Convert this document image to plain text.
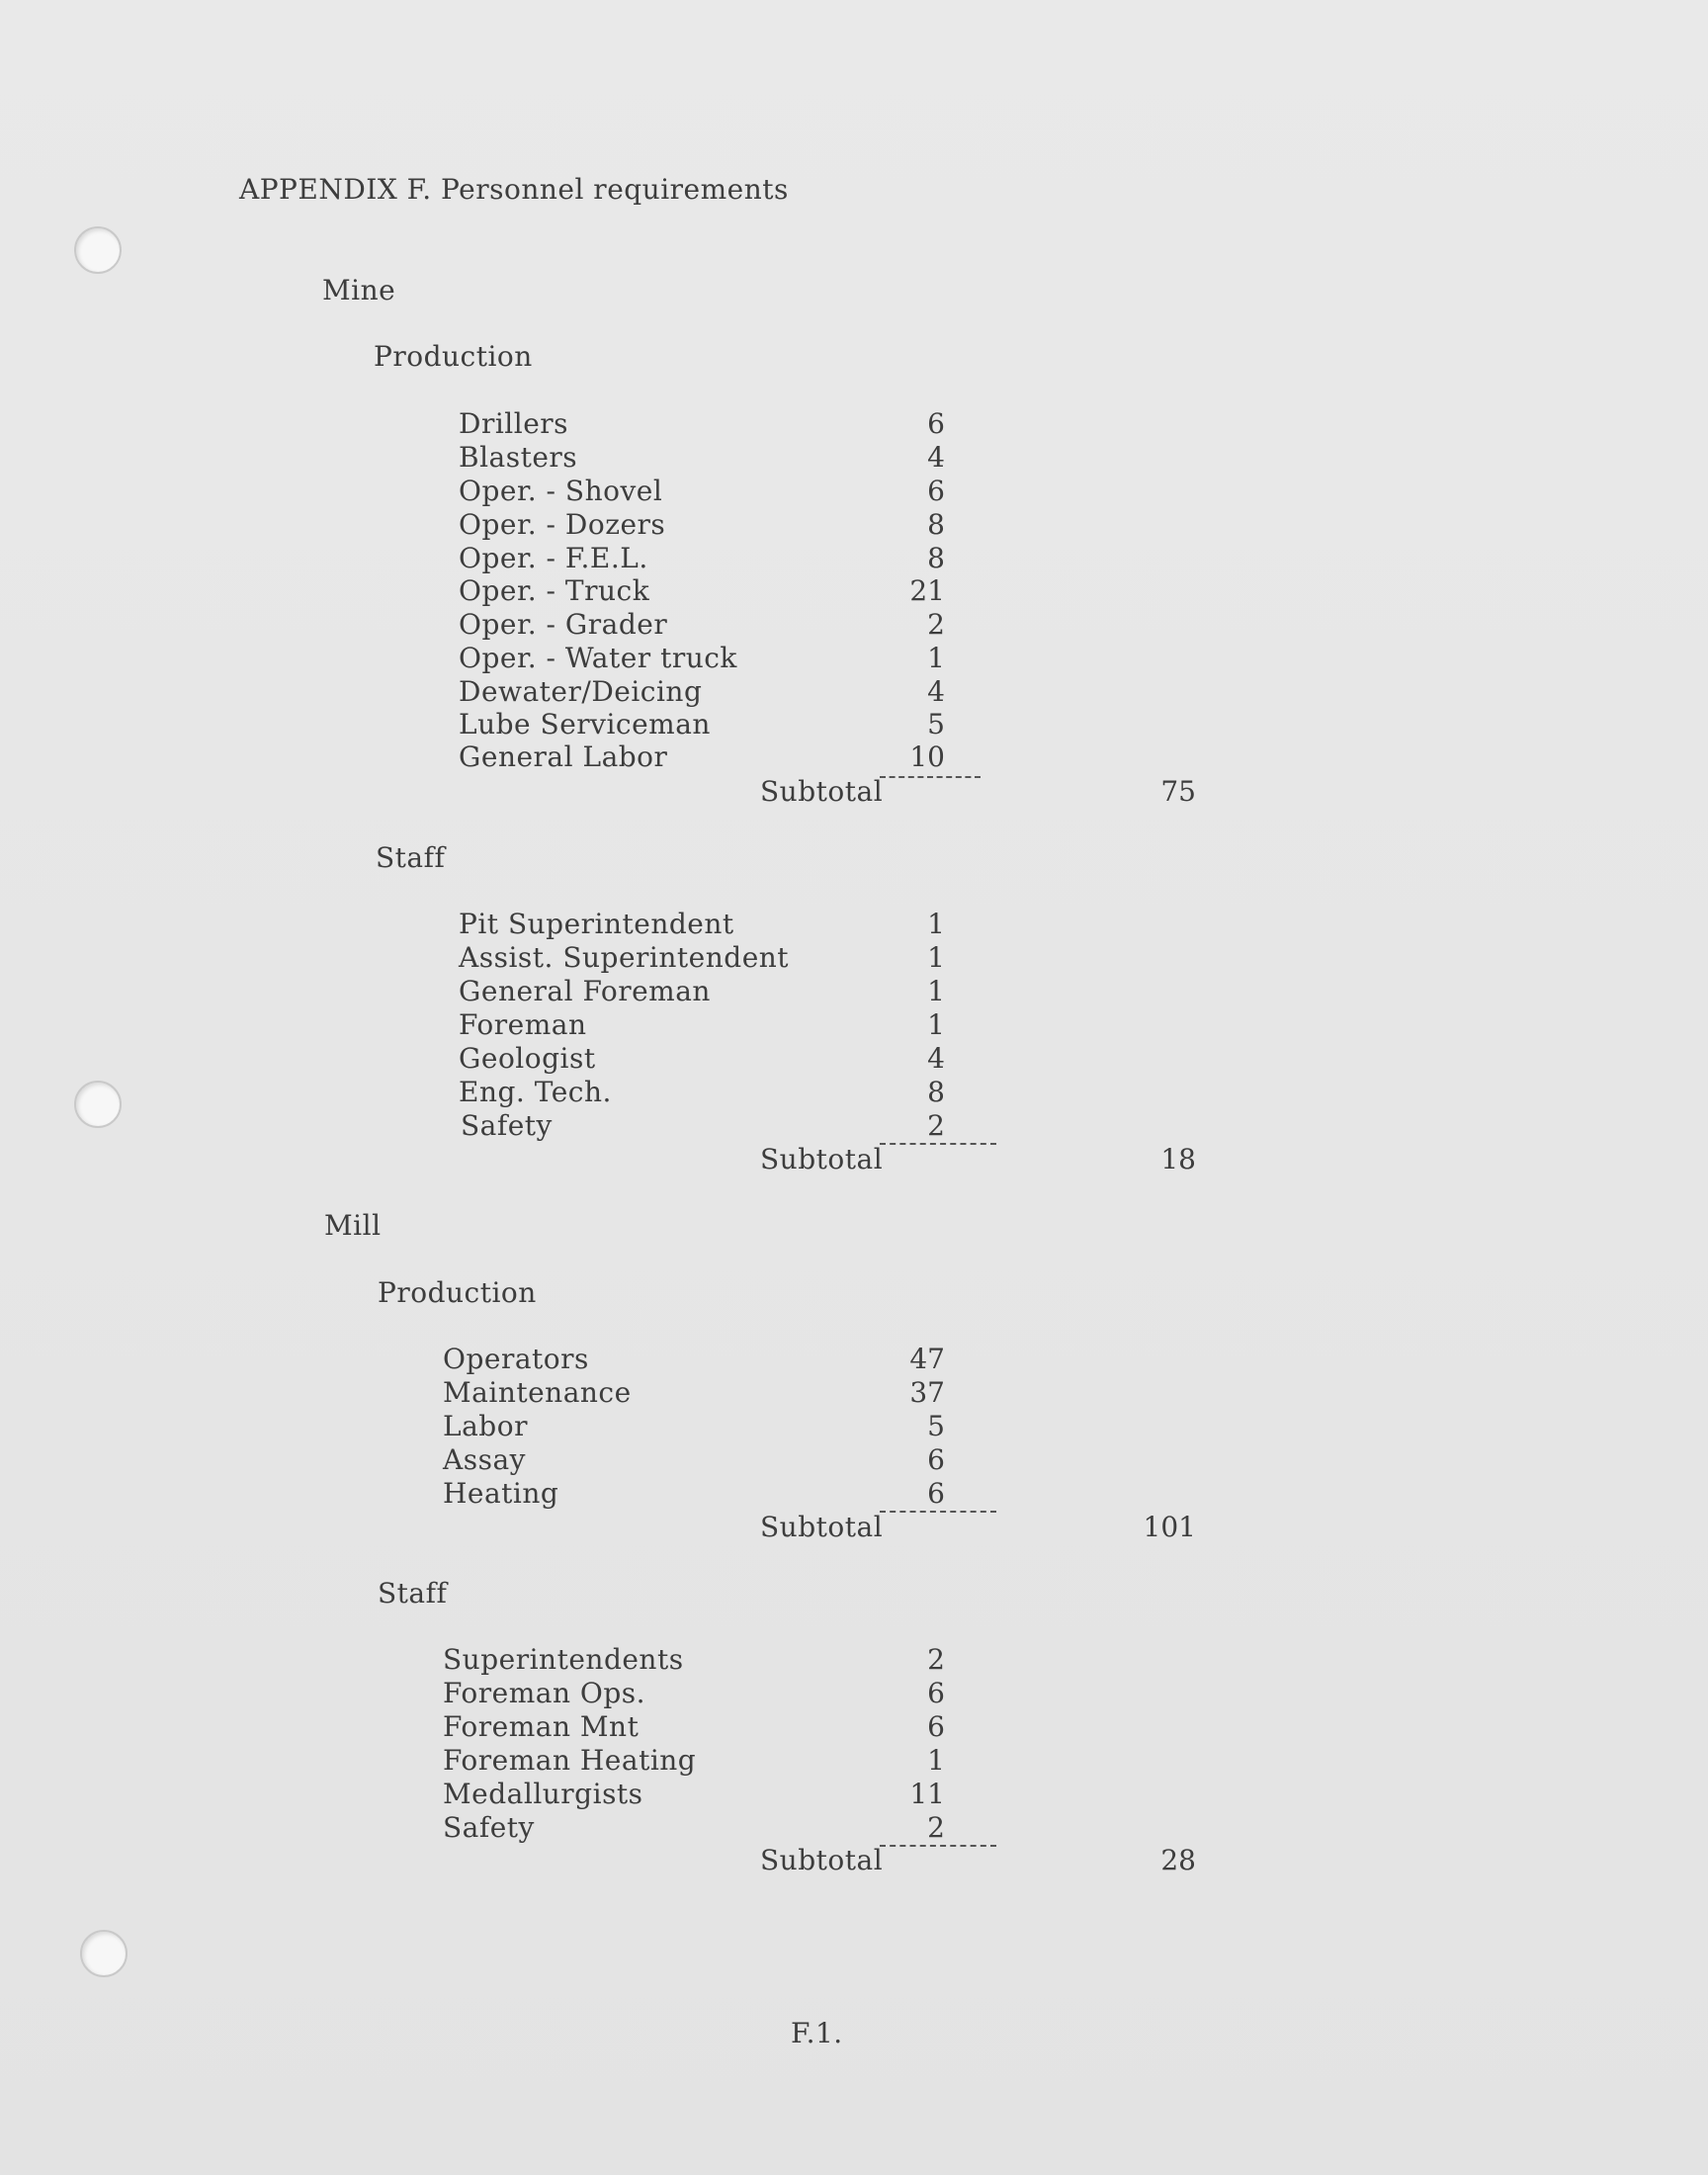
APPENDIX F. Personnel requirements
Mine
Production
Drillers	6
Blasters	4
Oper. - Shovel	6
Oper. - Dozers	8
Oper. - F.E.L.	8
Oper. - Truck	21
Oper. - Grader	2
Oper. - Water truck	1
Dewater/Deicing	4
Lube Serviceman	5
General Labor	10
Subtotal	75
Staff
Pit Superintendent	1
Assist. Superintendent	1
General Foreman	1
Foreman	1
Geologist	4
Eng. Tech.	8
Safety	2
Subtotal	18
Mill
Production
Operators	47
Maintenance	37
Labor	5
Assay	6
Heating	6
Subtotal	101
Staff
Superintendents	2
Foreman Ops.	6
Foreman Mnt	6
Foreman Heating	1
Medallurgists	11
Safety	2
Subtotal	28
F.1.
